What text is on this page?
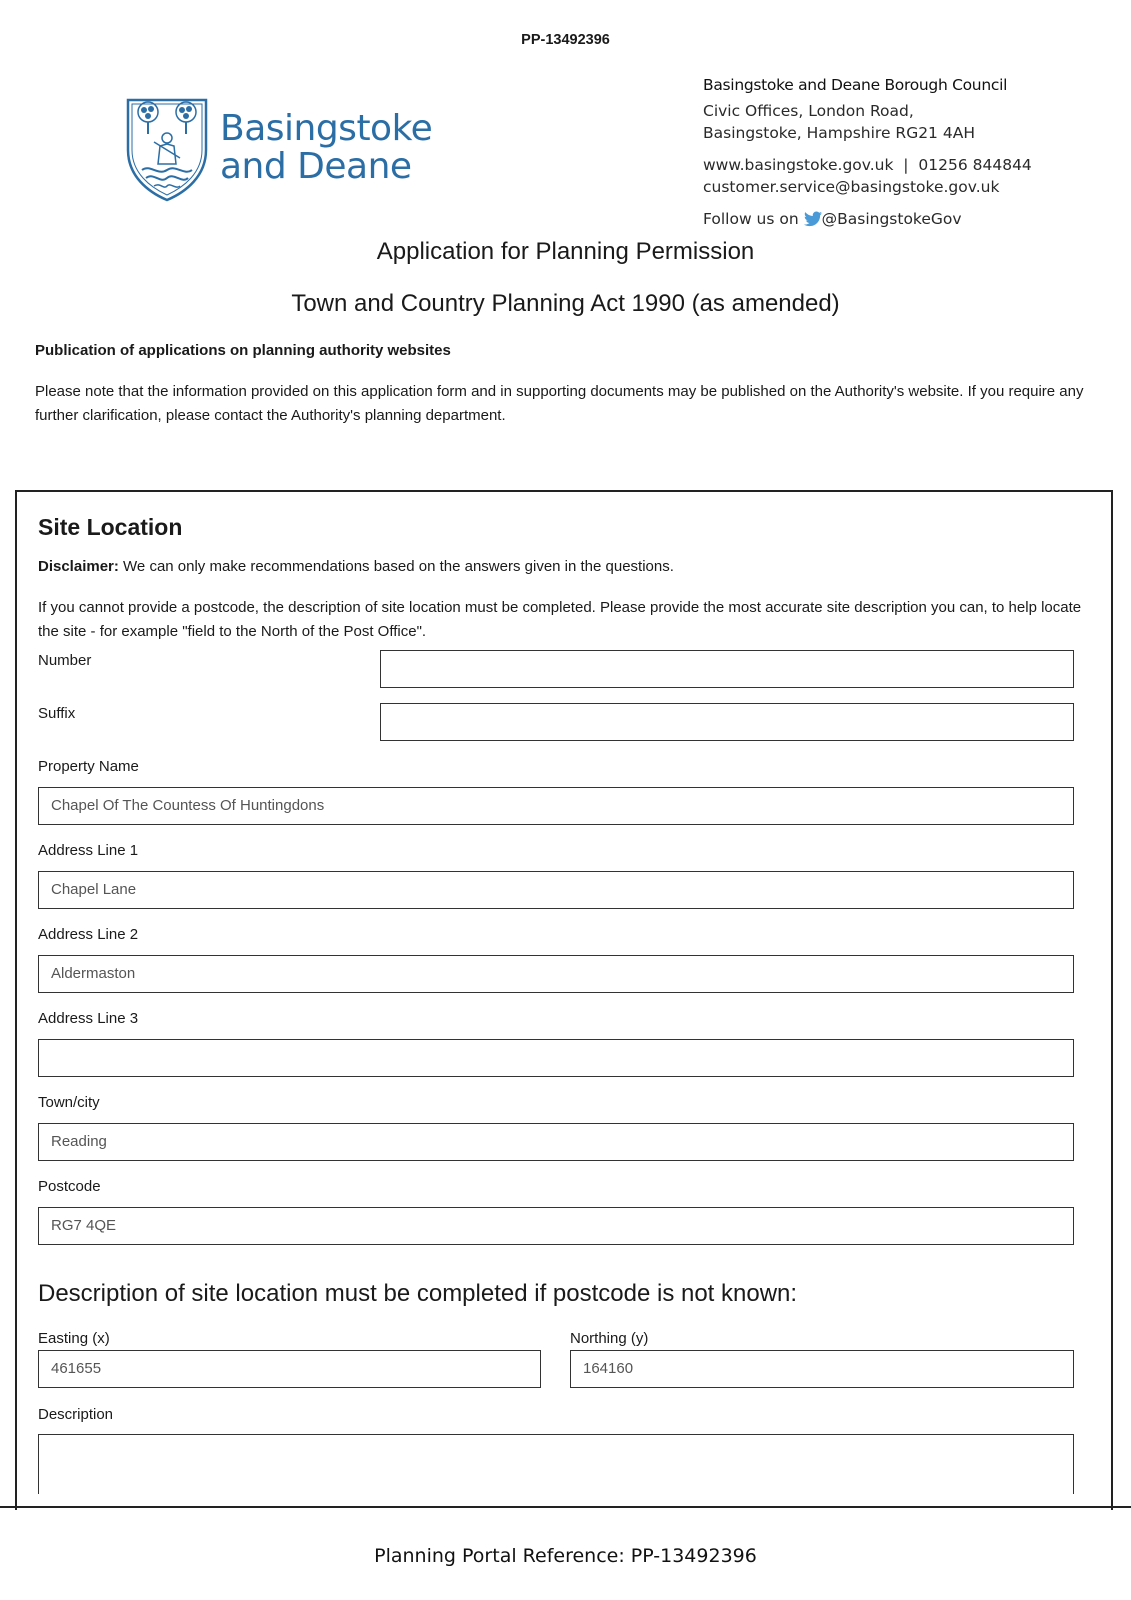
PP-13492396
Basingstoke
and Deane
Basingstoke and Deane Borough Council
Civic Offices, London Road,
Basingstoke, Hampshire RG21 4AH
www.basingstoke.gov.uk  |  01256 844844
customer.service@basingstoke.gov.uk
Follow us on @BasingstokeGov
Application for Planning Permission
Town and Country Planning Act 1990 (as amended)
Publication of applications on planning authority websites
Please note that the information provided on this application form and in supporting documents may be published on the Authority's website. If you require any further clarification, please contact the Authority's planning department.
Site Location
Disclaimer: We can only make recommendations based on the answers given in the questions.
If you cannot provide a postcode, the description of site location must be completed. Please provide the most accurate site description you can, to help locate the site - for example "field to the North of the Post Office".
Number
Suffix
Property Name
Chapel Of The Countess Of Huntingdons
Address Line 1
Chapel Lane
Address Line 2
Aldermaston
Address Line 3
Town/city
Reading
Postcode
RG7 4QE
Description of site location must be completed if postcode is not known:
Easting (x)
461655
Northing (y)
164160
Description
Planning Portal Reference: PP-13492396
